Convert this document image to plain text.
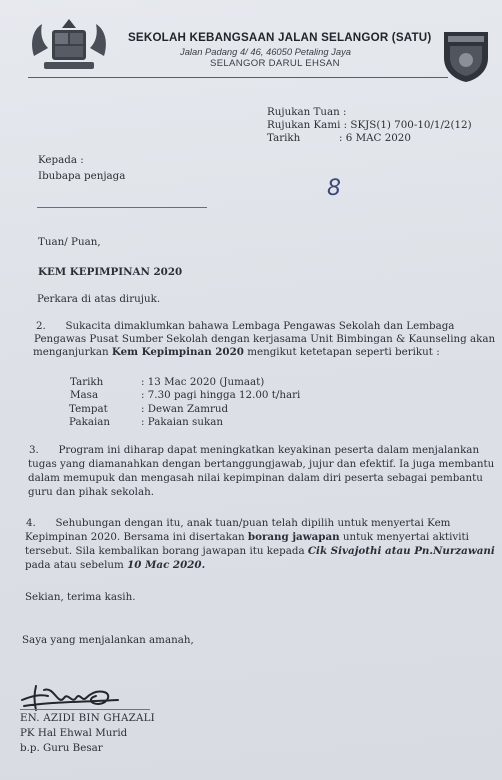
SEKOLAH KEBANGSAAN JALAN SELANGOR (SATU)
Jalan Padang 4/ 46, 46050 Petaling Jaya
SELANGOR DARUL EHSAN
Rujukan Tuan :
Rujukan Kami : SKJS(1) 700-10/1/2(12)
Tarikh	: 6 MAC 2020
Kepada :
Ibubapa penjaga	8
Tuan/ Puan,
KEM KEPIMPINAN 2020
Perkara di atas dirujuk.
2.      Sukacita dimaklumkan bahawa Lembaga Pengawas Sekolah dan Lembaga
Pengawas Pusat Sumber Sekolah dengan kerjasama Unit Bimbingan & Kaunseling akan
menganjurkan Kem Kepimpinan 2020 mengikut ketetapan seperti berikut :
Tarikh	: 13 Mac 2020 (Jumaat)
Masa	: 7.30 pagi hingga 12.00 t/hari
Tempat	: Dewan Zamrud
Pakaian	: Pakaian sukan
3.      Program ini diharap dapat meningkatkan keyakinan peserta dalam menjalankan
tugas yang diamanahkan dengan bertanggungjawab, jujur dan efektif. Ia juga membantu
dalam memupuk dan mengasah nilai kepimpinan dalam diri peserta sebagai pembantu
guru dan pihak sekolah.
4.      Sehubungan dengan itu, anak tuan/puan telah dipilih untuk menyertai Kem
Kepimpinan 2020. Bersama ini disertakan borang jawapan untuk menyertai aktiviti
tersebut. Sila kembalikan borang jawapan itu kepada Cik Sivajothi atau Pn.Nurzawani
pada atau sebelum 10 Mac 2020.
Sekian, terima kasih.
Saya yang menjalankan amanah,
EN. AZIDI BIN GHAZALI
PK Hal Ehwal Murid
b.p. Guru Besar
